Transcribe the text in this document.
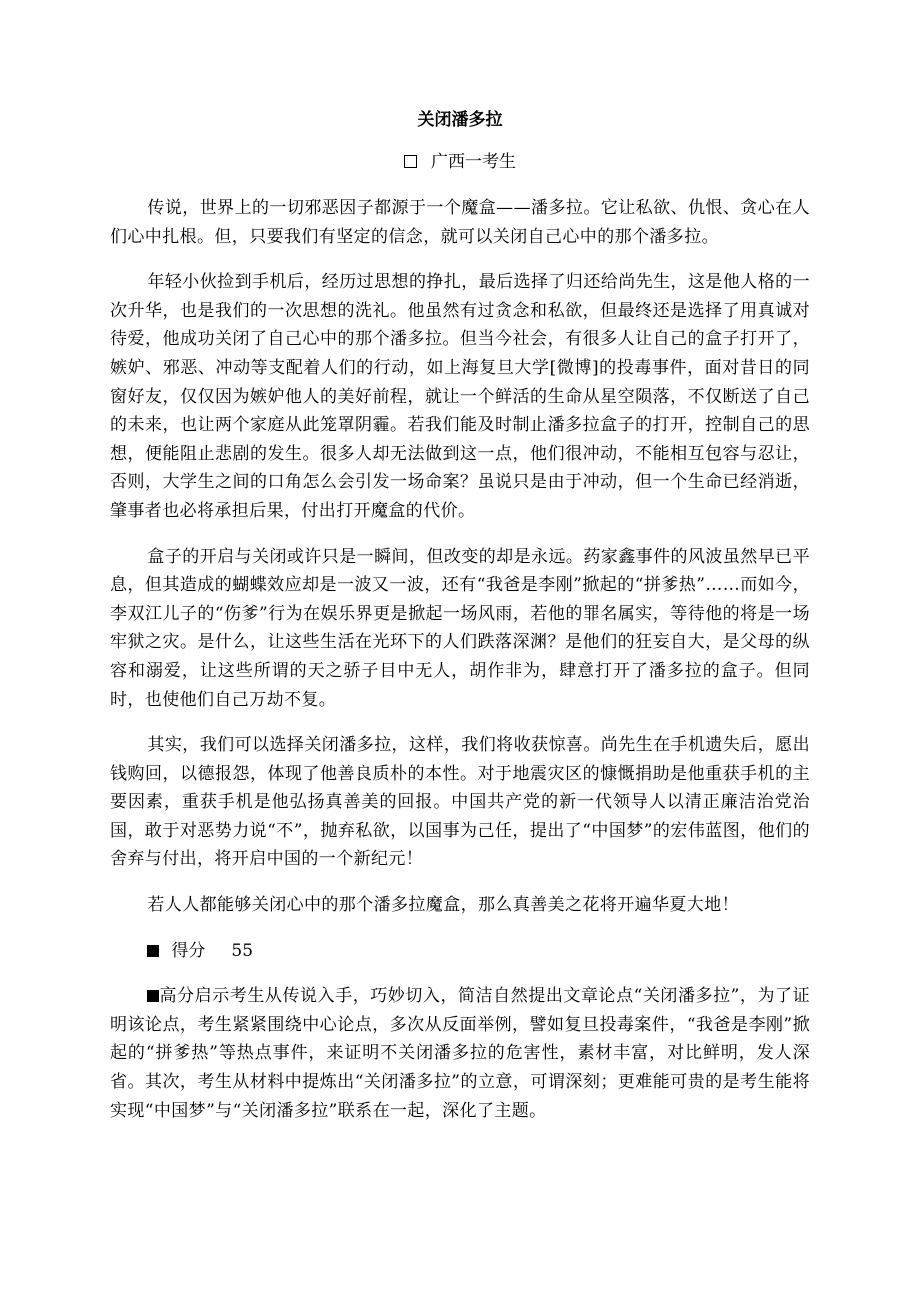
关闭潘多拉
广西一考生

传说，世界上的一切邪恶因子都源于一个魔盒——潘多拉。它让私欲、仇恨、贪心在人们心中扎根。但，只要我们有坚定的信念，就可以关闭自己心中的那个潘多拉。

年轻小伙捡到手机后，经历过思想的挣扎，最后选择了归还给尚先生，这是他人格的一次升华，也是我们的一次思想的洗礼。他虽然有过贪念和私欲，但最终还是选择了用真诚对待爱，他成功关闭了自己心中的那个潘多拉。但当今社会，有很多人让自己的盒子打开了，嫉妒、邪恶、冲动等支配着人们的行动，如上海复旦大学[微博]的投毒事件，面对昔日的同窗好友，仅仅因为嫉妒他人的美好前程，就让一个鲜活的生命从星空陨落，不仅断送了自己的未来，也让两个家庭从此笼罩阴霾。若我们能及时制止潘多拉盒子的打开，控制自己的思想，便能阻止悲剧的发生。很多人却无法做到这一点，他们很冲动，不能相互包容与忍让，否则，大学生之间的口角怎么会引发一场命案？虽说只是由于冲动，但一个生命已经消逝，肇事者也必将承担后果，付出打开魔盒的代价。

盒子的开启与关闭或许只是一瞬间，但改变的却是永远。药家鑫事件的风波虽然早已平息，但其造成的蝴蝶效应却是一波又一波，还有“我爸是李刚”掀起的“拼爹热”……而如今，李双江儿子的“伤爹”行为在娱乐界更是掀起一场风雨，若他的罪名属实，等待他的将是一场牢狱之灾。是什么，让这些生活在光环下的人们跌落深渊？是他们的狂妄自大，是父母的纵容和溺爱，让这些所谓的天之骄子目中无人，胡作非为，肆意打开了潘多拉的盒子。但同时，也使他们自己万劫不复。

其实，我们可以选择关闭潘多拉，这样，我们将收获惊喜。尚先生在手机遗失后，愿出钱购回，以德报怨，体现了他善良质朴的本性。对于地震灾区的慷慨捐助是他重获手机的主要因素，重获手机是他弘扬真善美的回报。中国共产党的新一代领导人以清正廉洁治党治国，敢于对恶势力说“不”，抛弃私欲，以国事为己任，提出了“中国梦”的宏伟蓝图，他们的舍弃与付出，将开启中国的一个新纪元！

若人人都能够关闭心中的那个潘多拉魔盒，那么真善美之花将开遍华夏大地！

得分 55

高分启示考生从传说入手，巧妙切入，简洁自然提出文章论点“关闭潘多拉”，为了证明该论点，考生紧紧围绕中心论点，多次从反面举例，譬如复旦投毒案件，“我爸是李刚”掀起的“拼爹热”等热点事件，来证明不关闭潘多拉的危害性，素材丰富，对比鲜明，发人深省。其次，考生从材料中提炼出“关闭潘多拉”的立意，可谓深刻；更难能可贵的是考生能将实现“中国梦”与“关闭潘多拉”联系在一起，深化了主题。
